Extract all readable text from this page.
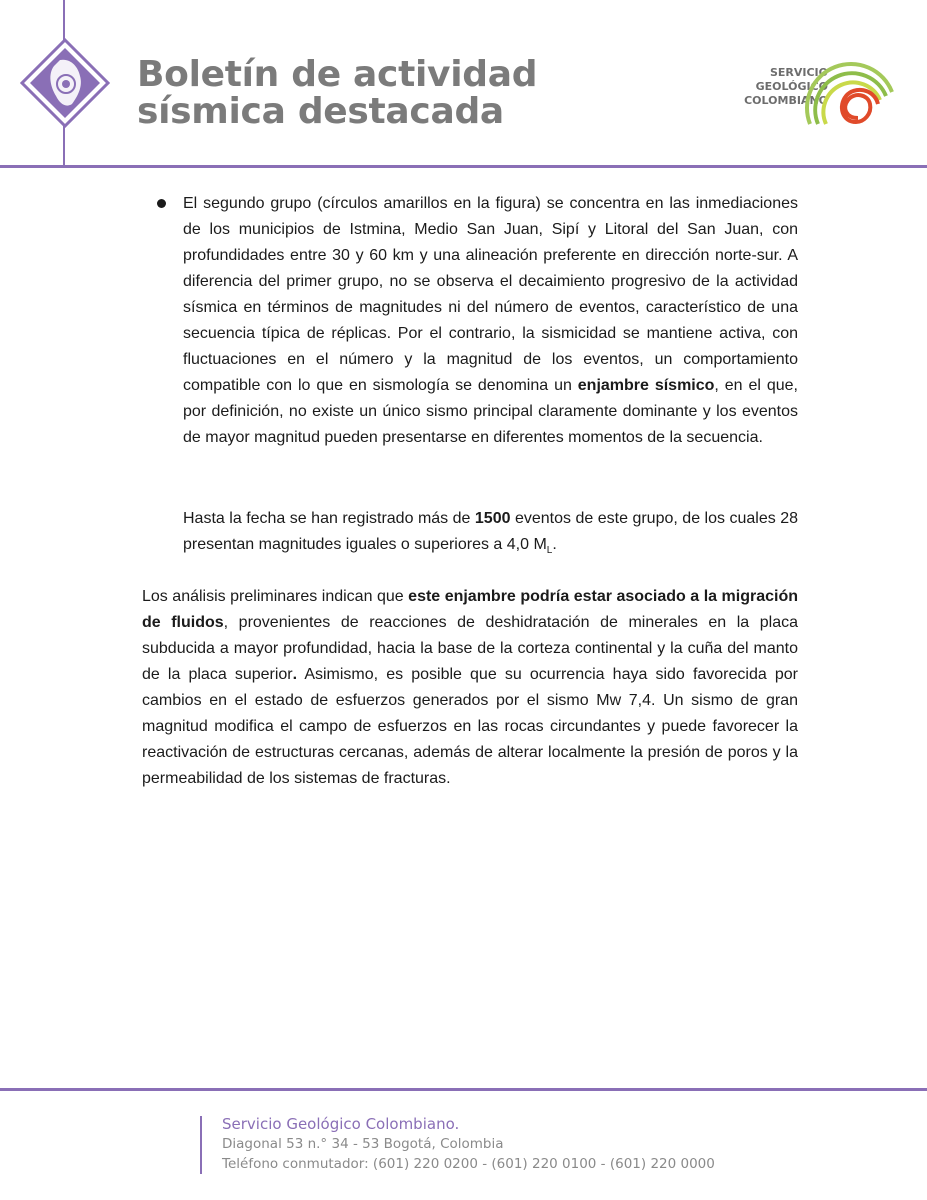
Boletín de actividad
sísmica destacada
SERVICIO
GEOLÓGICO
COLOMBIANO

El segundo grupo (círculos amarillos en la figura) se concentra en las inmediaciones de los municipios de Istmina, Medio San Juan, Sipí y Litoral del San Juan, con profundidades entre 30 y 60 km y una alineación preferente en dirección norte-sur. A diferencia del primer grupo, no se observa el decaimiento progresivo de la actividad sísmica en términos de magnitudes ni del número de eventos, característico de una secuencia típica de réplicas. Por el contrario, la sismicidad se mantiene activa, con fluctuaciones en el número y la magnitud de los eventos, un comportamiento compatible con lo que en sismología se denomina un enjambre sísmico, en el que, por definición, no existe un único sismo principal claramente dominante y los eventos de mayor magnitud pueden presentarse en diferentes momentos de la secuencia.

Hasta la fecha se han registrado más de 1500 eventos de este grupo, de los cuales 28 presentan magnitudes iguales o superiores a 4,0 $M_L$.

Los análisis preliminares indican que este enjambre podría estar asociado a la migración de fluidos, provenientes de reacciones de deshidratación de minerales en la placa subducida a mayor profundidad, hacia la base de la corteza continental y la cuña del manto de la placa superior. Asimismo, es posible que su ocurrencia haya sido favorecida por cambios en el estado de esfuerzos generados por el sismo Mw 7,4. Un sismo de gran magnitud modifica el campo de esfuerzos en las rocas circundantes y puede favorecer la reactivación de estructuras cercanas, además de alterar localmente la presión de poros y la permeabilidad de los sistemas de fracturas.

Servicio Geológico Colombiano.
Diagonal 53 n.° 34 - 53 Bogotá, Colombia
Teléfono conmutador: (601) 220 0200 - (601) 220 0100 - (601) 220 0000
